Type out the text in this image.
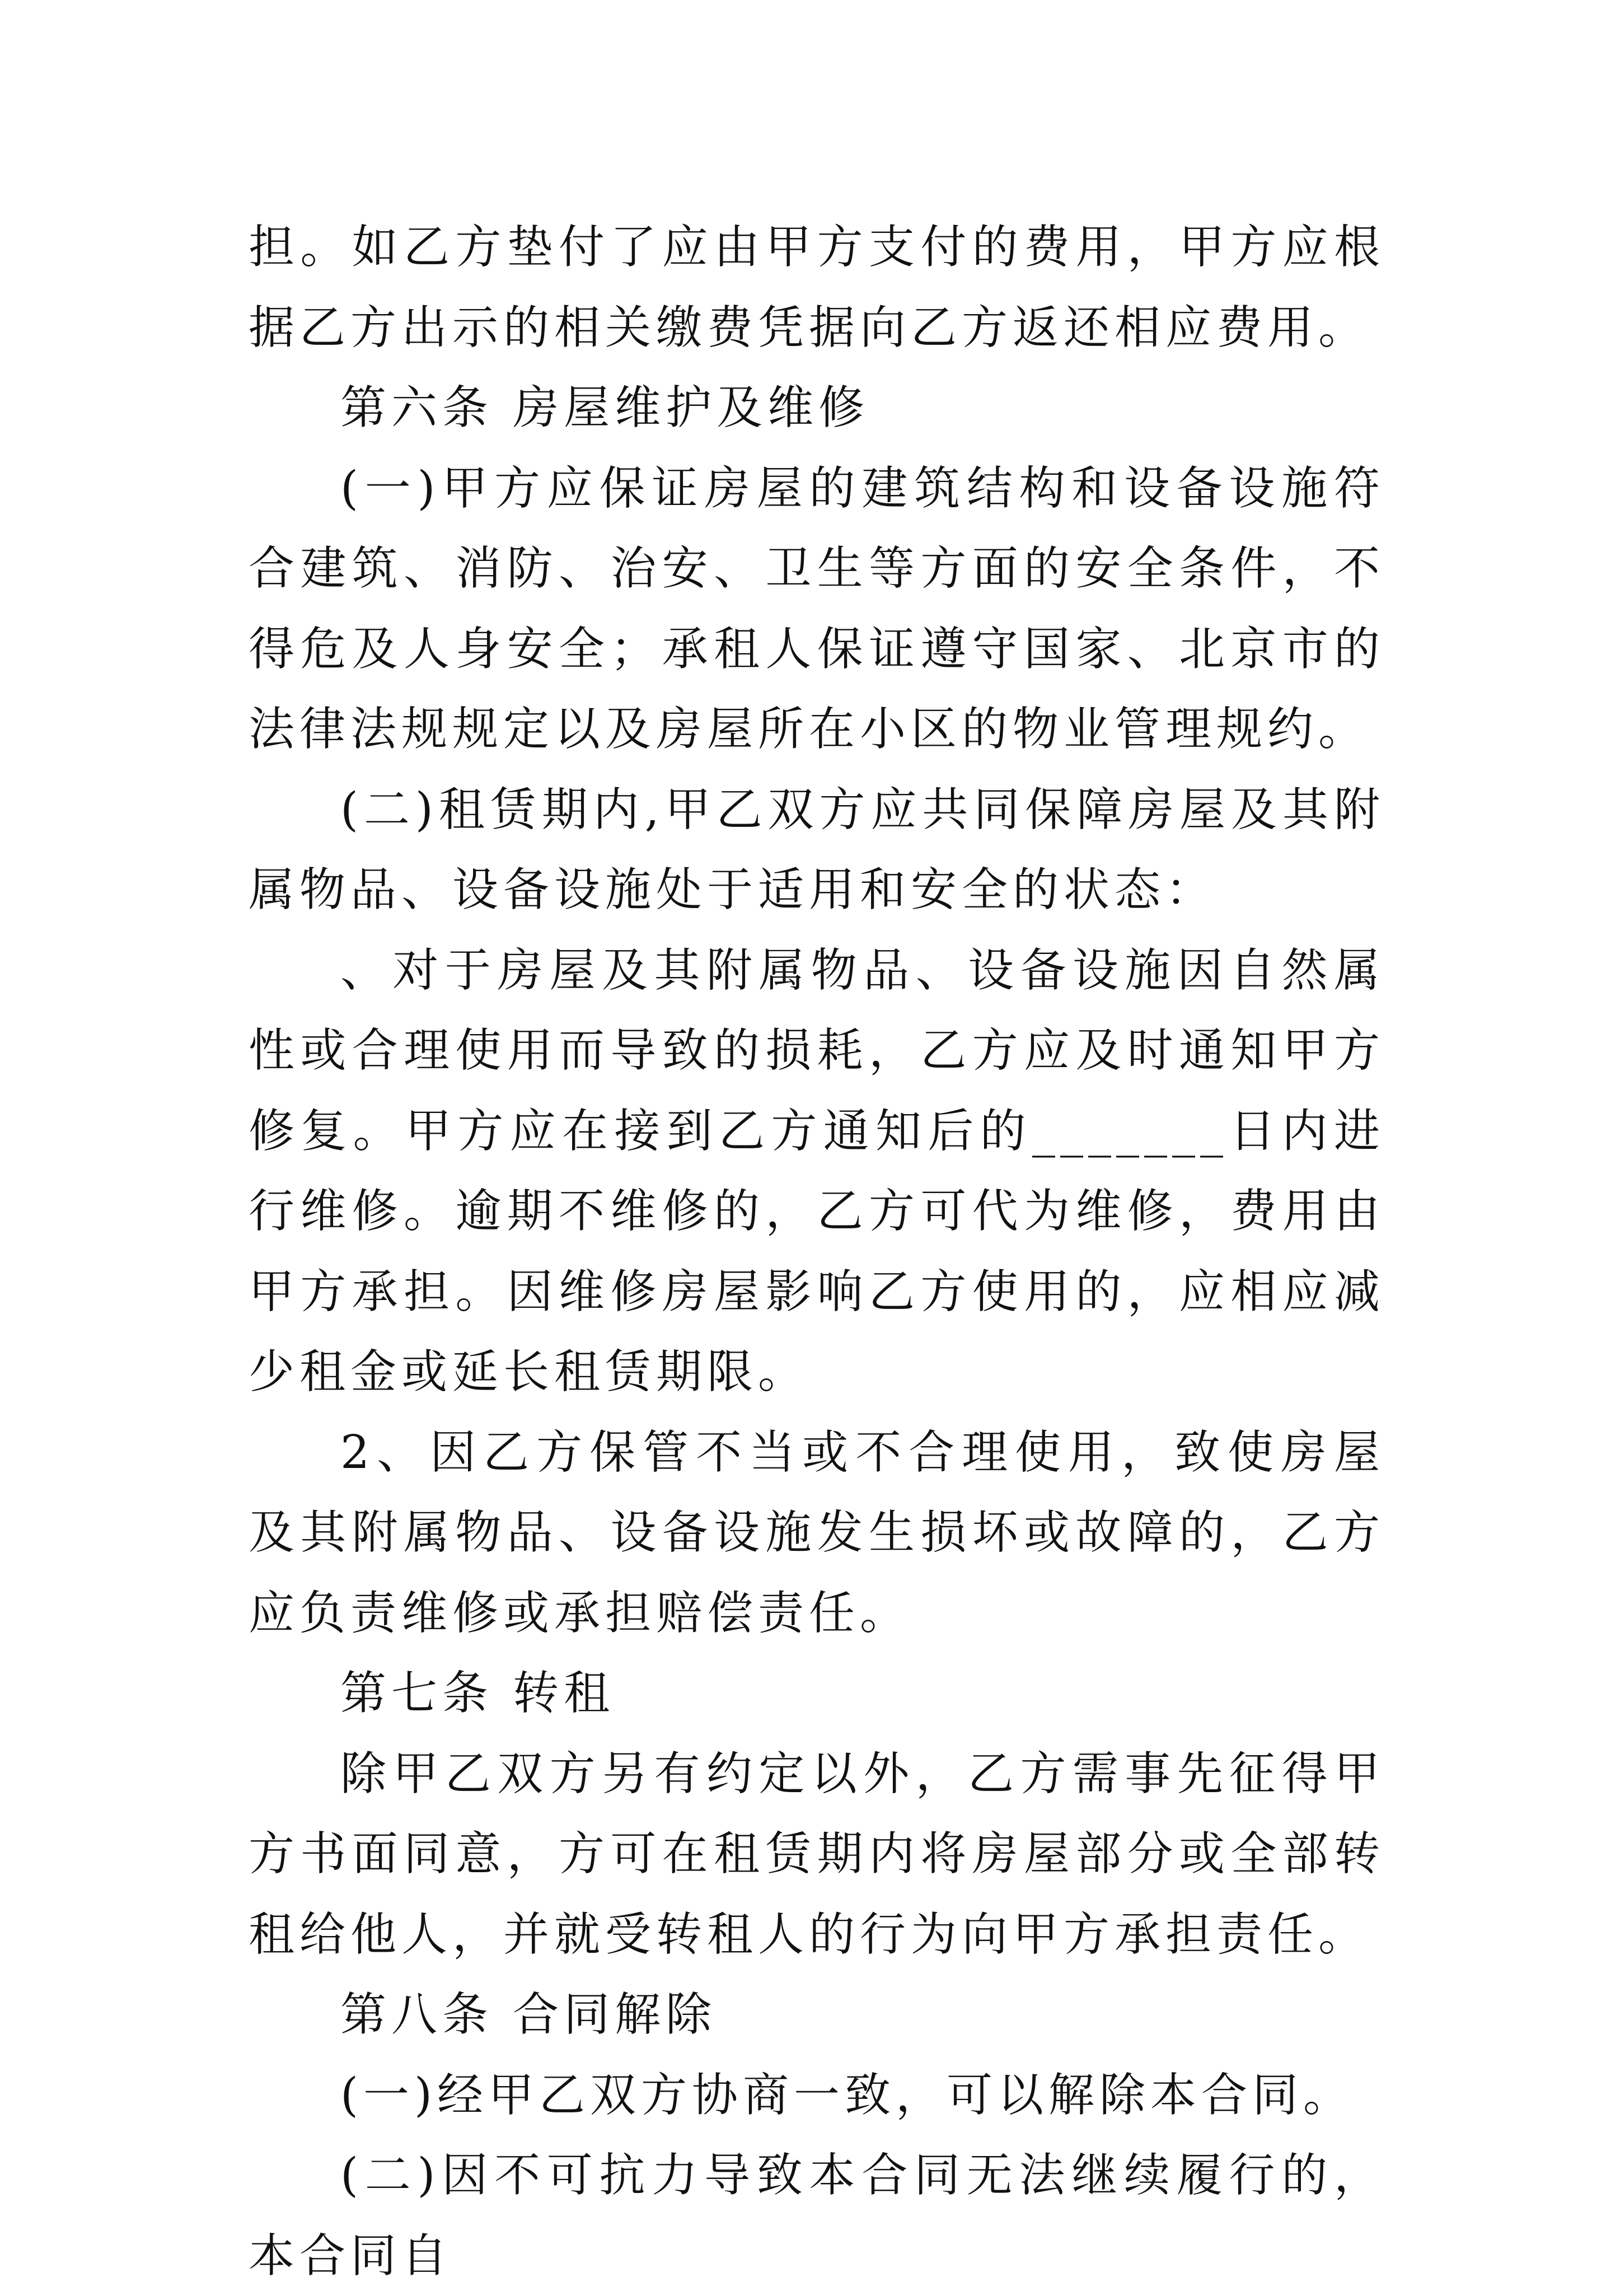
担。如乙方垫付了应由甲方支付的费用，甲方应根据乙方出示的相关缴费凭据向乙方返还相应费用。

第六条 房屋维护及维修

(一)甲方应保证房屋的建筑结构和设备设施符合建筑、消防、治安、卫生等方面的安全条件，不得危及人身安全；承租人保证遵守国家、北京市的法律法规规定以及房屋所在小区的物业管理规约。

(二)租赁期内,甲乙双方应共同保障房屋及其附属物品、设备设施处于适用和安全的状态：

、对于房屋及其附属物品、设备设施因自然属性或合理使用而导致的损耗，乙方应及时通知甲方修复。甲方应在接到乙方通知后的_______日内进行维修。逾期不维修的，乙方可代为维修，费用由甲方承担。因维修房屋影响乙方使用的，应相应减少租金或延长租赁期限。

2、因乙方保管不当或不合理使用，致使房屋及其附属物品、设备设施发生损坏或故障的，乙方应负责维修或承担赔偿责任。

第七条 转租

除甲乙双方另有约定以外，乙方需事先征得甲方书面同意，方可在租赁期内将房屋部分或全部转租给他人，并就受转租人的行为向甲方承担责任。

第八条 合同解除

(一)经甲乙双方协商一致，可以解除本合同。

(二)因不可抗力导致本合同无法继续履行的，本合同自
